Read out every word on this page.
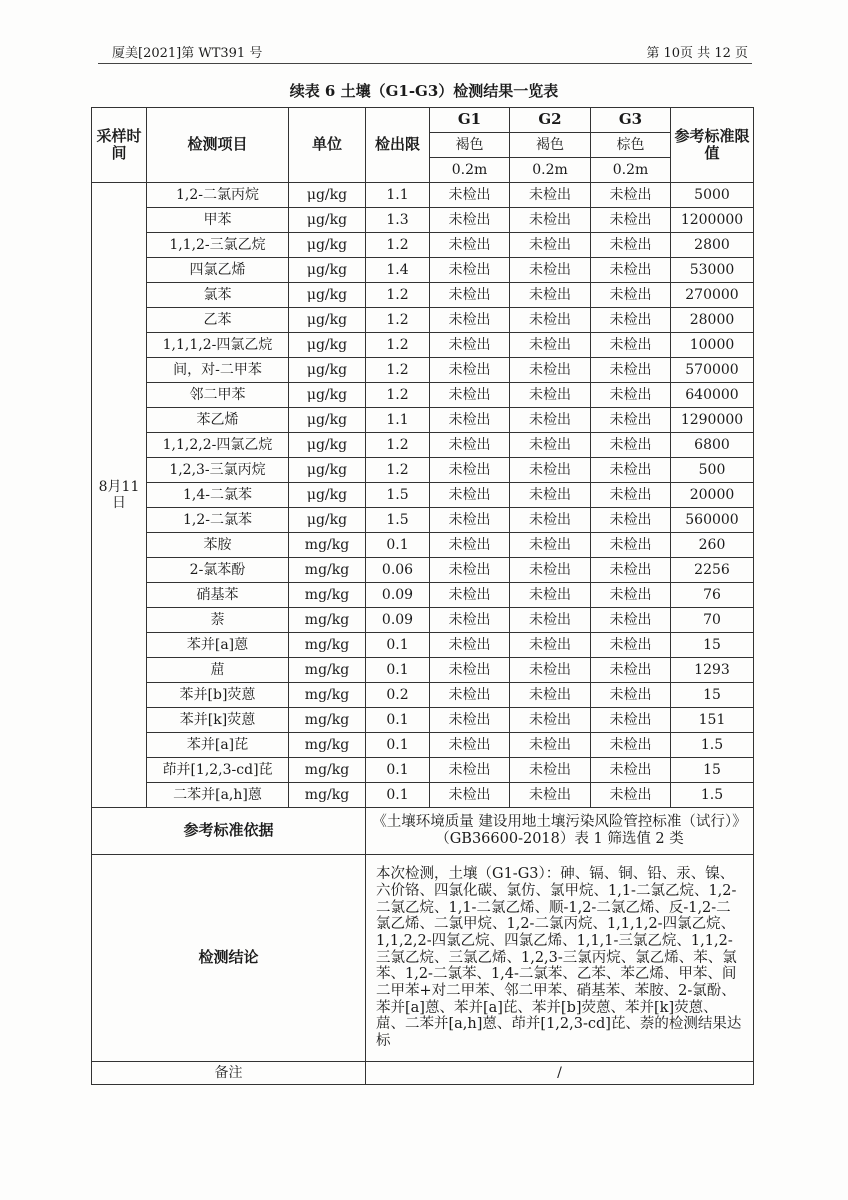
厦美[2021]第 WT391 号	第 10页 共 12 页
续表 6 土壤（G1-G3）检测结果一览表
采样时间	检测项目	单位	检出限	G1	G2	G3	参考标准限值
				褐色	褐色	棕色	
				0.2m	0.2m	0.2m	
8月11日	1,2-二氯丙烷	μg/kg	1.1	未检出	未检出	未检出	5000
	甲苯	μg/kg	1.3	未检出	未检出	未检出	1200000
	1,1,2-三氯乙烷	μg/kg	1.2	未检出	未检出	未检出	2800
	四氯乙烯	μg/kg	1.4	未检出	未检出	未检出	53000
	氯苯	μg/kg	1.2	未检出	未检出	未检出	270000
	乙苯	μg/kg	1.2	未检出	未检出	未检出	28000
	1,1,1,2-四氯乙烷	μg/kg	1.2	未检出	未检出	未检出	10000
	间，对-二甲苯	μg/kg	1.2	未检出	未检出	未检出	570000
	邻二甲苯	μg/kg	1.2	未检出	未检出	未检出	640000
	苯乙烯	μg/kg	1.1	未检出	未检出	未检出	1290000
	1,1,2,2-四氯乙烷	μg/kg	1.2	未检出	未检出	未检出	6800
	1,2,3-三氯丙烷	μg/kg	1.2	未检出	未检出	未检出	500
	1,4-二氯苯	μg/kg	1.5	未检出	未检出	未检出	20000
	1,2-二氯苯	μg/kg	1.5	未检出	未检出	未检出	560000
	苯胺	mg/kg	0.1	未检出	未检出	未检出	260
	2-氯苯酚	mg/kg	0.06	未检出	未检出	未检出	2256
	硝基苯	mg/kg	0.09	未检出	未检出	未检出	76
	萘	mg/kg	0.09	未检出	未检出	未检出	70
	苯并[a]蒽	mg/kg	0.1	未检出	未检出	未检出	15
	䓛	mg/kg	0.1	未检出	未检出	未检出	1293
	苯并[b]荧蒽	mg/kg	0.2	未检出	未检出	未检出	15
	苯并[k]荧蒽	mg/kg	0.1	未检出	未检出	未检出	151
	苯并[a]芘	mg/kg	0.1	未检出	未检出	未检出	1.5
	茚并[1,2,3-cd]芘	mg/kg	0.1	未检出	未检出	未检出	15
	二苯并[a,h]蒽	mg/kg	0.1	未检出	未检出	未检出	1.5
参考标准依据			《土壤环境质量 建设用地土壤污染风险管控标准（试行）》（GB36600-2018）表 1 筛选值 2 类				
检测结论			本次检测，土壤（G1-G3）：砷、镉、铜、铅、汞、镍、六价铬、四氯化碳、氯仿、氯甲烷、1,1-二氯乙烷、1,2-二氯乙烷、1,1-二氯乙烯、顺-1,2-二氯乙烯、反-1,2-二氯乙烯、二氯甲烷、1,2-二氯丙烷、1,1,1,2-四氯乙烷、1,1,2,2-四氯乙烷、四氯乙烯、1,1,1-三氯乙烷、1,1,2-三氯乙烷、三氯乙烯、1,2,3-三氯丙烷、氯乙烯、苯、氯苯、1,2-二氯苯、1,4-二氯苯、乙苯、苯乙烯、甲苯、间二甲苯+对二甲苯、邻二甲苯、硝基苯、苯胺、2-氯酚、苯并[a]蒽、苯并[a]芘、苯并[b]荧蒽、苯并[k]荧蒽、䓛、二苯并[a,h]蒽、茚并[1,2,3-cd]芘、萘的检测结果达标				
备注			/				
